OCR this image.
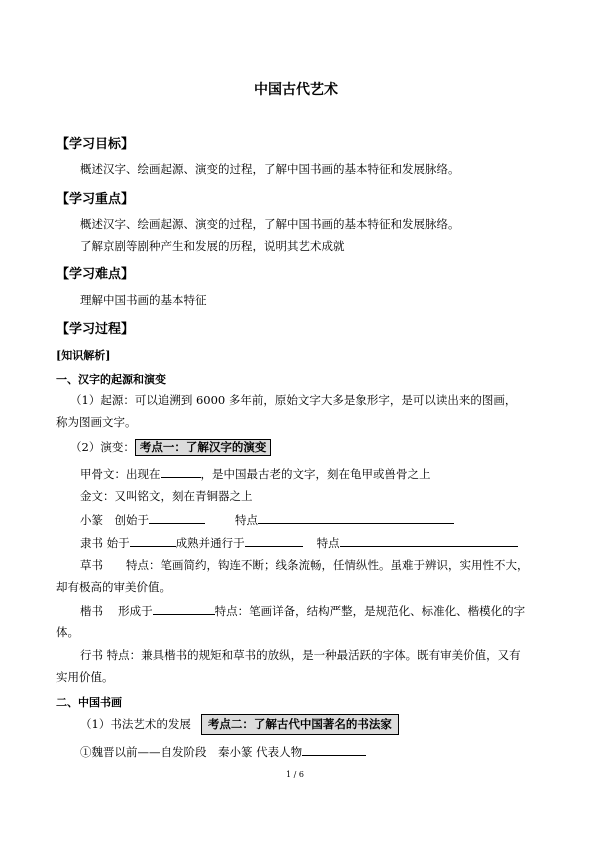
中国古代艺术
【学习目标】
概述汉字、绘画起源、演变的过程，了解中国书画的基本特征和发展脉络。
【学习重点】
概述汉字、绘画起源、演变的过程，了解中国书画的基本特征和发展脉络。
了解京剧等剧种产生和发展的历程，说明其艺术成就
【学习难点】
理解中国书画的基本特征
【学习过程】
[知识解析]
一、汉字的起源和演变
（1）起源：可以追溯到 6000 多年前，原始文字大多是象形字，是可以读出来的图画，
称为图画文字。
（2）演变： 考点一：了解汉字的演变
甲骨文：出现在	，是中国最古老的文字，刻在龟甲或兽骨之上
金文：又叫铭文，刻在青铜器之上
小篆　创始于	特点
隶书 始于	成熟并通行于	特点
草书　　特点：笔画简约，钩连不断；线条流畅，任情纵性。虽难于辨识，实用性不大，
却有极高的审美价值。
楷书　 形成于	特点：笔画详备，结构严整，是规范化、标准化、楷模化的字
体。
行书 特点：兼具楷书的规矩和草书的放纵，是一种最活跃的字体。既有审美价值，又有
实用价值。
二、中国书画
（1）书法艺术的发展 考点二：了解古代中国著名的书法家
①魏晋以前——自发阶段　秦小篆 代表人物
1 / 6
